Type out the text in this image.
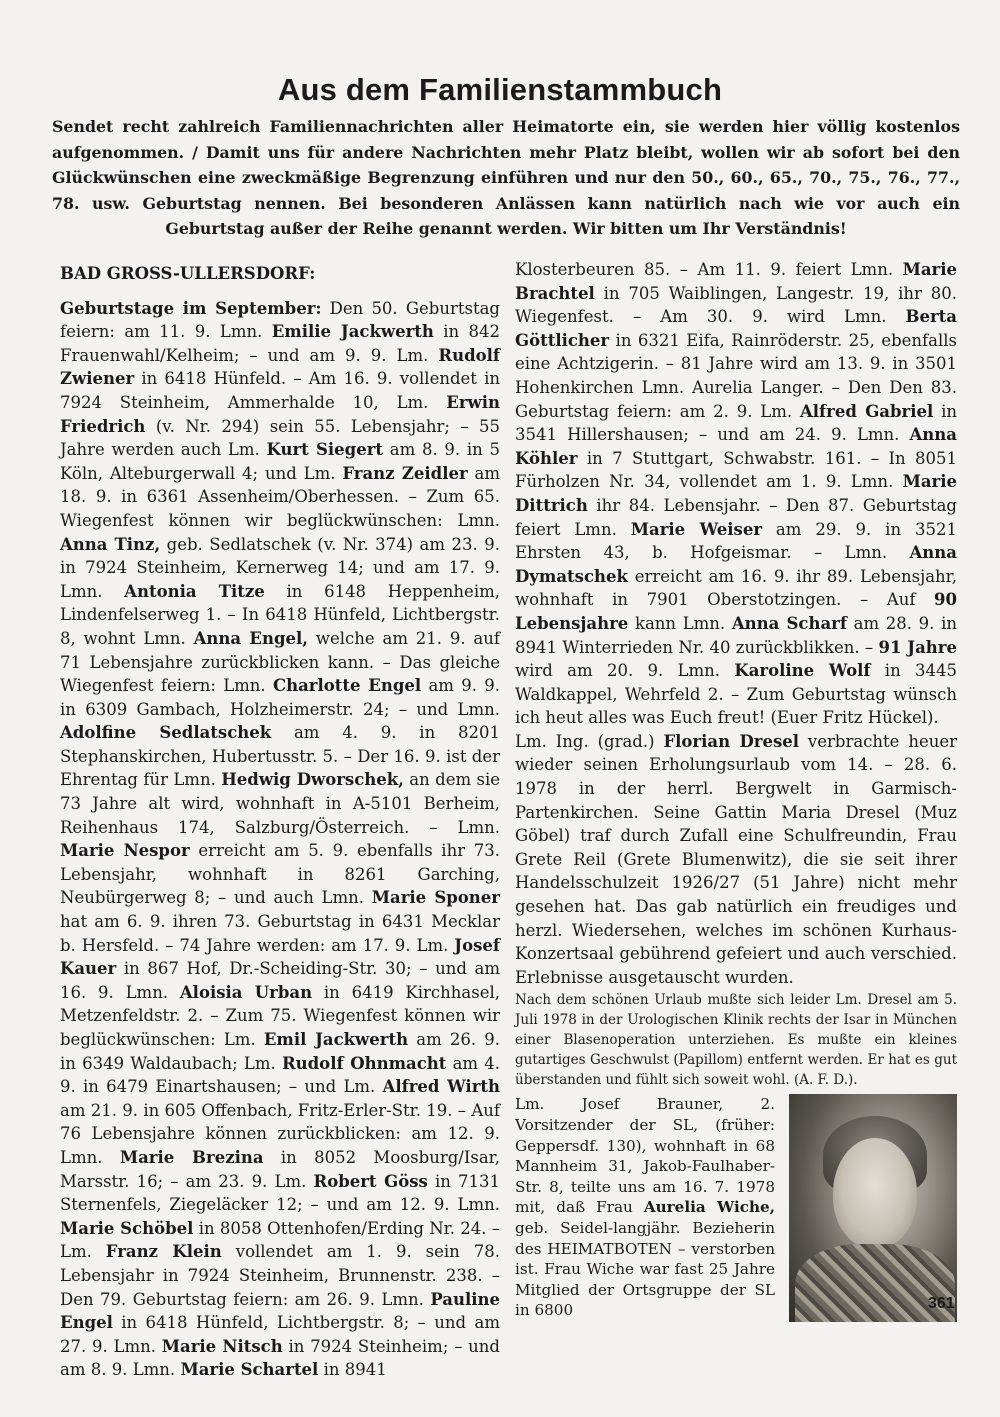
Aus dem Familienstammbuch
Sendet recht zahlreich Familiennachrichten aller Heimatorte ein, sie werden hier völlig kostenlos aufgenommen. / Damit uns für andere Nachrichten mehr Platz bleibt, wollen wir ab sofort bei den Glückwünschen eine zweckmäßige Begrenzung einführen und nur den 50., 60., 65., 70., 75., 76., 77., 78. usw. Geburtstag nennen. Bei besonderen Anlässen kann natürlich nach wie vor auch ein Geburtstag außer der Reihe genannt werden. Wir bitten um Ihr Verständnis!

BAD GROSS-ULLERSDORF:

Geburtstage im September: Den 50. Geburtstag feiern: am 11. 9. Lmn. Emilie Jackwerth in 842 Frauenwahl/Kelheim; – und am 9. 9. Lm. Rudolf Zwiener in 6418 Hünfeld. – Am 16. 9. vollendet in 7924 Steinheim, Ammerhalde 10, Lm. Erwin Friedrich (v. Nr. 294) sein 55. Lebensjahr; – 55 Jahre werden auch Lm. Kurt Siegert am 8. 9. in 5 Köln, Alteburgerwall 4; und Lm. Franz Zeidler am 18. 9. in 6361 Assenheim/Oberhessen. – Zum 65. Wiegenfest können wir beglückwünschen: Lmn. Anna Tinz, geb. Sedlatschek (v. Nr. 374) am 23. 9. in 7924 Steinheim, Kernerweg 14; und am 17. 9. Lmn. Antonia Titze in 6148 Heppenheim, Lindenfelserweg 1. – In 6418 Hünfeld, Lichtbergstr. 8, wohnt Lmn. Anna Engel, welche am 21. 9. auf 71 Lebensjahre zurückblicken kann. – Das gleiche Wiegenfest feiern: Lmn. Charlotte Engel am 9. 9. in 6309 Gambach, Holzheimerstr. 24; – und Lmn. Adolfine Sedlatschek am 4. 9. in 8201 Stephanskirchen, Hubertusstr. 5. – Der 16. 9. ist der Ehrentag für Lmn. Hedwig Dworschek, an dem sie 73 Jahre alt wird, wohnhaft in A-5101 Berheim, Reihenhaus 174, Salzburg/Österreich. – Lmn. Marie Nespor erreicht am 5. 9. ebenfalls ihr 73. Lebensjahr, wohnhaft in 8261 Garching, Neubürgerweg 8; – und auch Lmn. Marie Sponer hat am 6. 9. ihren 73. Geburtstag in 6431 Mecklar b. Hersfeld. – 74 Jahre werden: am 17. 9. Lm. Josef Kauer in 867 Hof, Dr.-Scheiding-Str. 30; – und am 16. 9. Lmn. Aloisia Urban in 6419 Kirchhasel, Metzenfeldstr. 2. – Zum 75. Wiegenfest können wir beglückwünschen: Lm. Emil Jackwerth am 26. 9. in 6349 Waldaubach; Lm. Rudolf Ohnmacht am 4. 9. in 6479 Einartshausen; – und Lm. Alfred Wirth am 21. 9. in 605 Offenbach, Fritz-Erler-Str. 19. – Auf 76 Lebensjahre können zurückblicken: am 12. 9. Lmn. Marie Brezina in 8052 Moosburg/Isar, Marsstr. 16; – am 23. 9. Lm. Robert Göss in 7131 Sternenfels, Ziegeläcker 12; – und am 12. 9. Lmn. Marie Schöbel in 8058 Ottenhofen/Erding Nr. 24. – Lm. Franz Klein vollendet am 1. 9. sein 78. Lebensjahr in 7924 Steinheim, Brunnenstr. 238. – Den 79. Geburtstag feiern: am 26. 9. Lmn. Pauline Engel in 6418 Hünfeld, Lichtbergstr. 8; – und am 27. 9. Lmn. Marie Nitsch in 7924 Steinheim; – und am 8. 9. Lmn. Marie Schartel in 8941

Klosterbeuren 85. – Am 11. 9. feiert Lmn. Marie Brachtel in 705 Waiblingen, Langestr. 19, ihr 80. Wiegenfest. – Am 30. 9. wird Lmn. Berta Göttlicher in 6321 Eifa, Rainröderstr. 25, ebenfalls eine Achtzigerin. – 81 Jahre wird am 13. 9. in 3501 Hohenkirchen Lmn. Aurelia Langer. – Den Den 83. Geburtstag feiern: am 2. 9. Lm. Alfred Gabriel in 3541 Hillershausen; – und am 24. 9. Lmn. Anna Köhler in 7 Stuttgart, Schwabstr. 161. – In 8051 Fürholzen Nr. 34, vollendet am 1. 9. Lmn. Marie Dittrich ihr 84. Lebensjahr. – Den 87. Geburtstag feiert Lmn. Marie Weiser am 29. 9. in 3521 Ehrsten 43, b. Hofgeismar. – Lmn. Anna Dymatschek erreicht am 16. 9. ihr 89. Lebensjahr, wohnhaft in 7901 Oberstotzingen. – Auf 90 Lebensjahre kann Lmn. Anna Scharf am 28. 9. in 8941 Winterrieden Nr. 40 zurückblikken. – 91 Jahre wird am 20. 9. Lmn. Karoline Wolf in 3445 Waldkappel, Wehrfeld 2. – Zum Geburtstag wünsch ich heut alles was Euch freut! (Euer Fritz Hückel).

Lm. Ing. (grad.) Florian Dresel verbrachte heuer wieder seinen Erholungsurlaub vom 14. – 28. 6. 1978 in der herrl. Bergwelt in Garmisch-Partenkirchen. Seine Gattin Maria Dresel (Muz Göbel) traf durch Zufall eine Schulfreundin, Frau Grete Reil (Grete Blumenwitz), die sie seit ihrer Handelsschulzeit 1926/27 (51 Jahre) nicht mehr gesehen hat. Das gab natürlich ein freudiges und herzl. Wiedersehen, welches im schönen Kurhaus-Konzertsaal gebührend gefeiert und auch verschied. Erlebnisse ausgetauscht wurden.

Nach dem schönen Urlaub mußte sich leider Lm. Dresel am 5. Juli 1978 in der Urologischen Klinik rechts der Isar in München einer Blasenoperation unterziehen. Es mußte ein kleines gutartiges Geschwulst (Papillom) entfernt werden. Er hat es gut überstanden und fühlt sich soweit wohl. (A. F. D.).

Lm. Josef Brauner, 2. Vorsitzender der SL, (früher: Geppersdf. 130), wohnhaft in 68 Mannheim 31, Jakob-Faulhaber-Str. 8, teilte uns am 16. 7. 1978 mit, daß Frau Aurelia Wiche, geb. Seidel-langjähr. Bezieherin des HEIMATBOTEN – verstorben ist. Frau Wiche war fast 25 Jahre Mitglied der Ortsgruppe der SL in 6800	361
